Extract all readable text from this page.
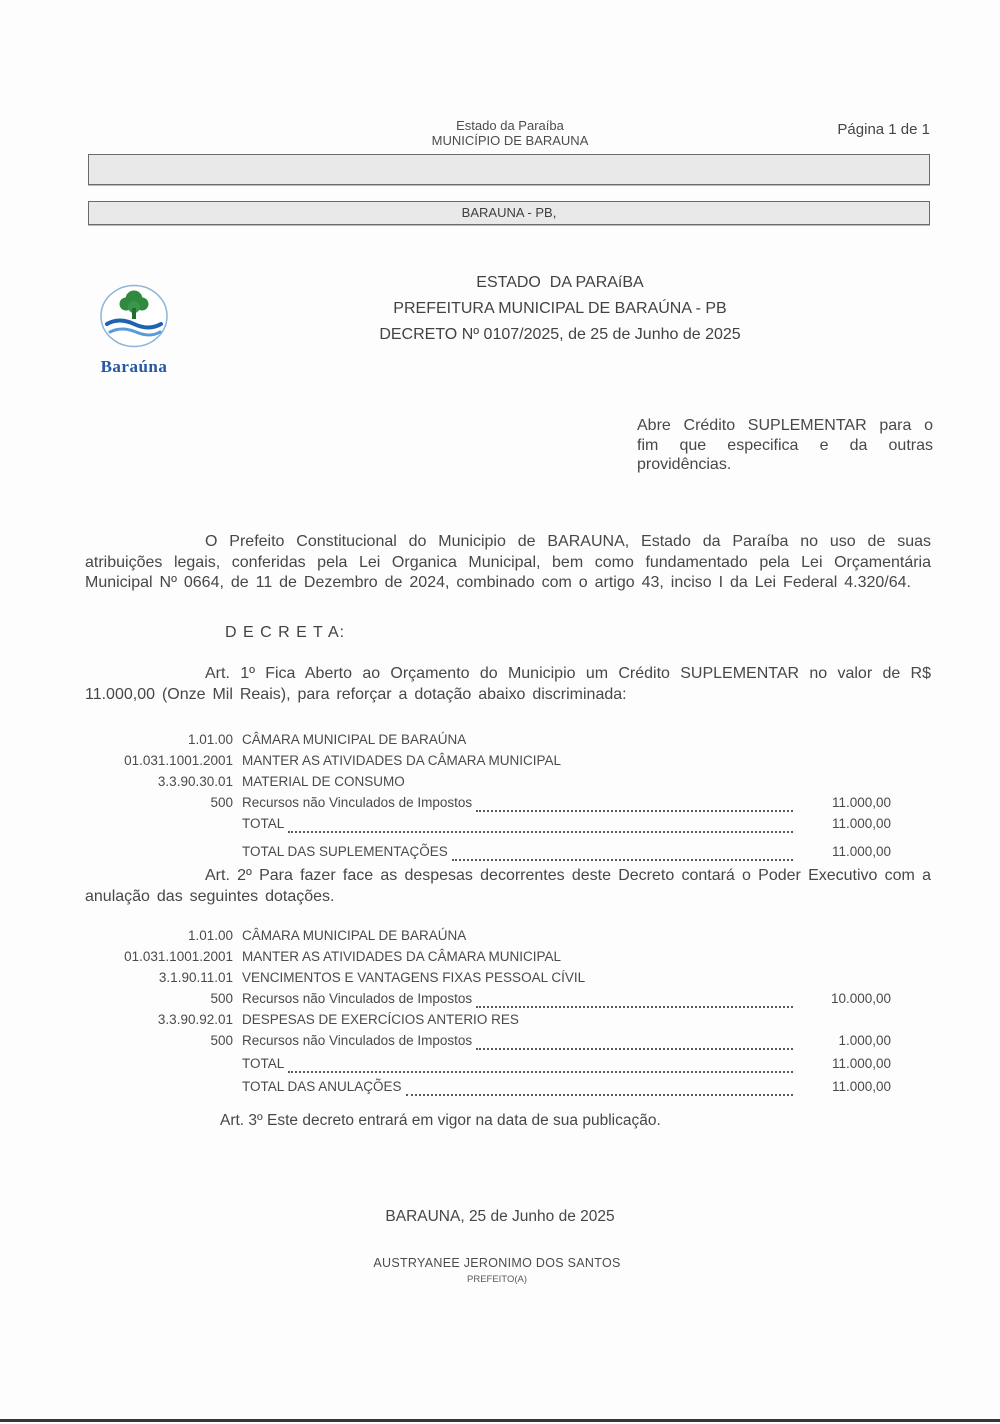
Estado da Paraíba
MUNICÍPIO DE BARAUNA
Página 1 de 1
BARAUNA - PB,
Baraúna
ESTADO  DA PARAíBA
PREFEITURA MUNICIPAL DE BARAÚNA - PB
DECRETO Nº 0107/2025, de 25 de Junho de 2025

Abre Crédito SUPLEMENTAR para o fim que especifica e da outras providências.

O Prefeito Constitucional do Municipio de BARAUNA, Estado da Paraíba no uso de suas atribuições legais, conferidas pela Lei Organica Municipal, bem como fundamentado pela Lei Orçamentária Municipal Nº 0664, de 11 de Dezembro de 2024, combinado com o artigo 43, inciso I da Lei Federal 4.320/64.

D E C R E T A:

Art. 1º Fica Aberto ao Orçamento do Municipio um Crédito SUPLEMENTAR no valor de R$ 11.000,00 (Onze Mil Reais), para reforçar a dotação abaixo discriminada:

1.01.00 CÂMARA MUNICIPAL DE BARAÚNA
01.031.1001.2001 MANTER AS ATIVIDADES DA CÂMARA MUNICIPAL
3.3.90.30.01 MATERIAL DE CONSUMO
500 Recursos não Vinculados de Impostos	11.000,00
TOTAL	11.000,00
TOTAL DAS SUPLEMENTAÇÕES	11.000,00

Art. 2º Para fazer face as despesas decorrentes deste Decreto contará o Poder Executivo com a anulação das seguintes dotações.

1.01.00 CÂMARA MUNICIPAL DE BARAÚNA
01.031.1001.2001 MANTER AS ATIVIDADES DA CÂMARA MUNICIPAL
3.1.90.11.01 VENCIMENTOS E VANTAGENS FIXAS PESSOAL CÍVIL
500 Recursos não Vinculados de Impostos	10.000,00
3.3.90.92.01 DESPESAS DE EXERCÍCIOS ANTERIO RES
500 Recursos não Vinculados de Impostos	1.000,00
TOTAL	11.000,00
TOTAL DAS ANULAÇÕES	11.000,00
Art. 3º Este decreto entrará em vigor na data de sua publicação.
BARAUNA, 25 de Junho de 2025
AUSTRYANEE JERONIMO DOS SANTOS
PREFEITO(A)
